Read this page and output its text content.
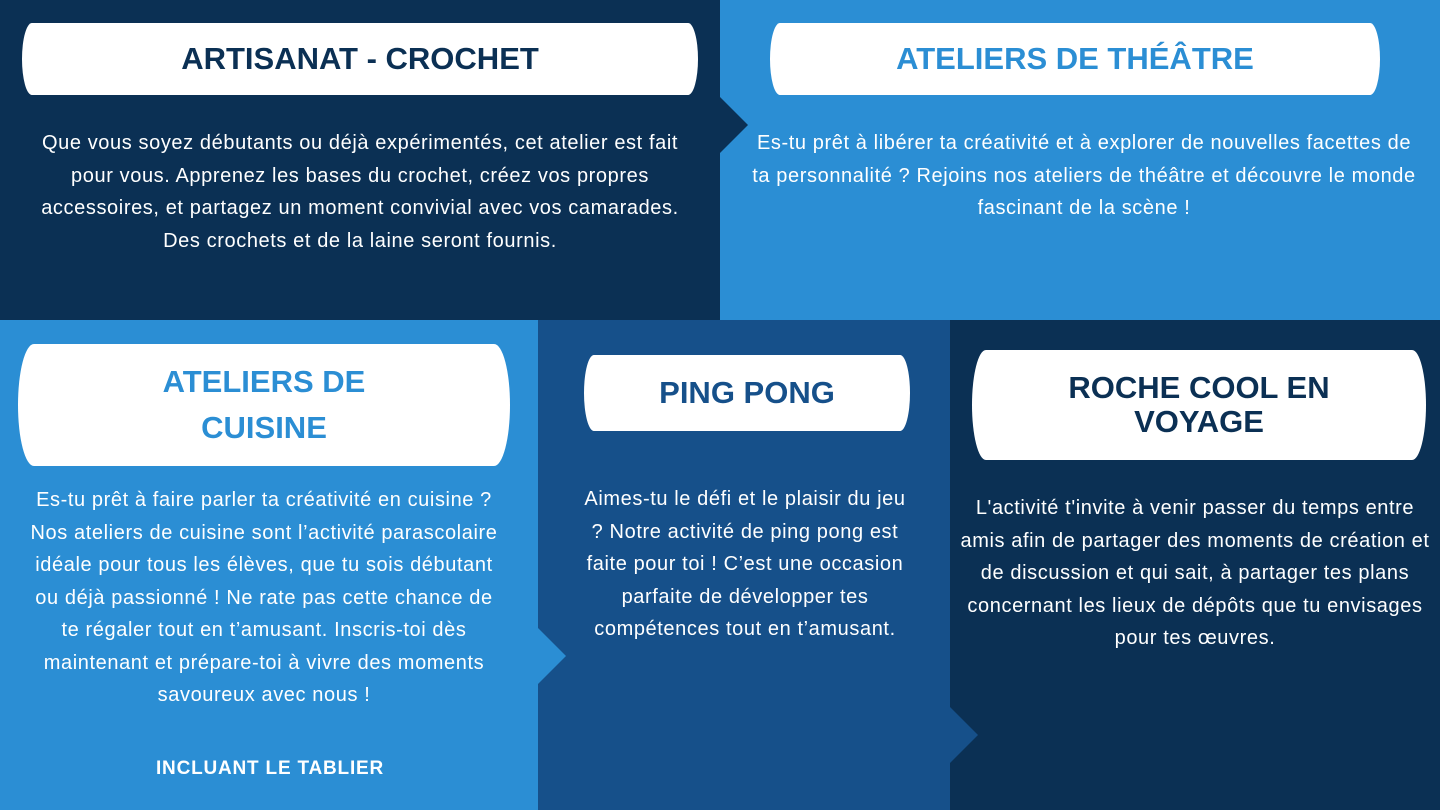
ARTISANAT - CROCHET
Que vous soyez débutants ou déjà expérimentés, cet atelier est fait pour vous. Apprenez les bases du crochet, créez vos propres accessoires, et partagez un moment convivial avec vos camarades. Des crochets et de la laine seront fournis.
ATELIERS DE THÉÂTRE
Es-tu prêt à libérer ta créativité et à explorer de nouvelles facettes de ta personnalité ? Rejoins nos ateliers de théâtre et découvre le monde fascinant de la scène !
ATELIERS DE CUISINE
Es-tu prêt à faire parler ta créativité en cuisine ? Nos ateliers de cuisine sont l’activité parascolaire idéale pour tous les élèves, que tu sois débutant ou déjà passionné ! Ne rate pas cette chance de te régaler tout en t’amusant. Inscris-toi dès maintenant et prépare-toi à vivre des moments savoureux avec nous !
INCLUANT LE TABLIER
PING PONG
Aimes-tu le défi et le plaisir du jeu ? Notre activité de ping pong est faite pour toi ! C’est une occasion parfaite de développer tes compétences tout en t’amusant.
ROCHE COOL EN VOYAGE
L'activité t'invite à venir passer du temps entre amis afin de partager des moments de création et de discussion et qui sait, à partager tes plans concernant les lieux de dépôts que tu envisages pour tes œuvres.
